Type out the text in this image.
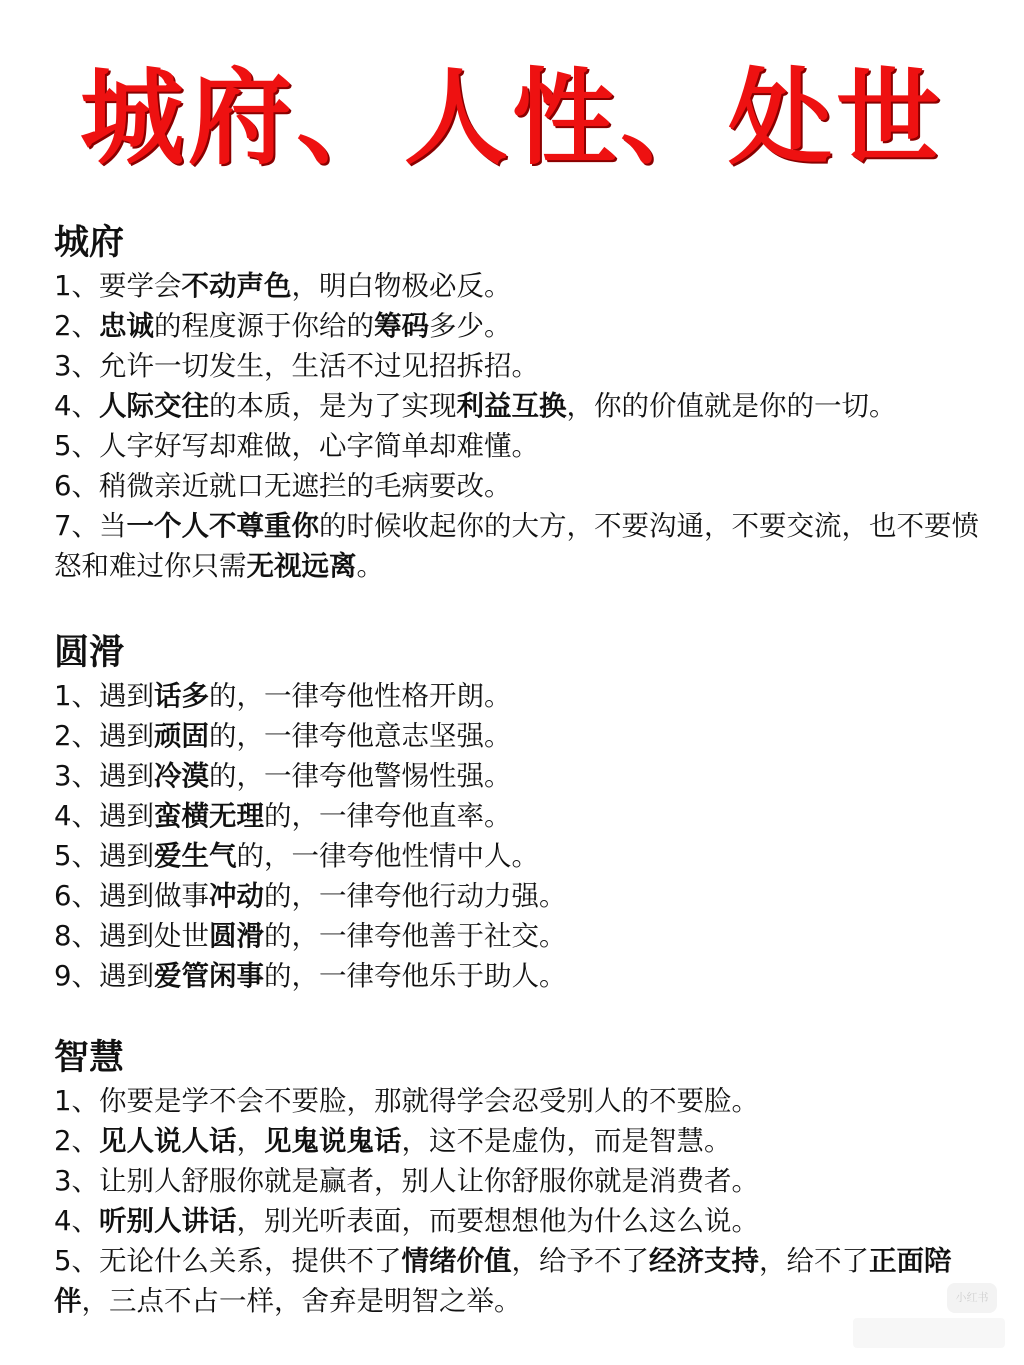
城府、人性、处世
城府

1、要学会不动声色，明白物极必反。

2、忠诚的程度源于你给的筹码多少。

3、允许一切发生，生活不过见招拆招。

4、人际交往的本质，是为了实现利益互换，你的价值就是你的一切。

5、人字好写却难做，心字简单却难懂。

6、稍微亲近就口无遮拦的毛病要改。

7、当一个人不尊重你的时候收起你的大方，不要沟通，不要交流，也不要愤怒和难过你只需无视远离。

圆滑

1、遇到话多的，一律夸他性格开朗。

2、遇到顽固的，一律夸他意志坚强。

3、遇到冷漠的，一律夸他警惕性强。

4、遇到蛮横无理的，一律夸他直率。

5、遇到爱生气的，一律夸他性情中人。

6、遇到做事冲动的，一律夸他行动力强。

8、遇到处世圆滑的，一律夸他善于社交。

9、遇到爱管闲事的，一律夸他乐于助人。

智慧

1、你要是学不会不要脸，那就得学会忍受别人的不要脸。

2、见人说人话，见鬼说鬼话，这不是虚伪，而是智慧。

3、让别人舒服你就是赢者，别人让你舒服你就是消费者。

4、听别人讲话，别光听表面，而要想想他为什么这么说。

5、无论什么关系，提供不了情绪价值，给予不了经济支持，给不了正面陪伴，三点不占一样，舍弃是明智之举。	小红书
